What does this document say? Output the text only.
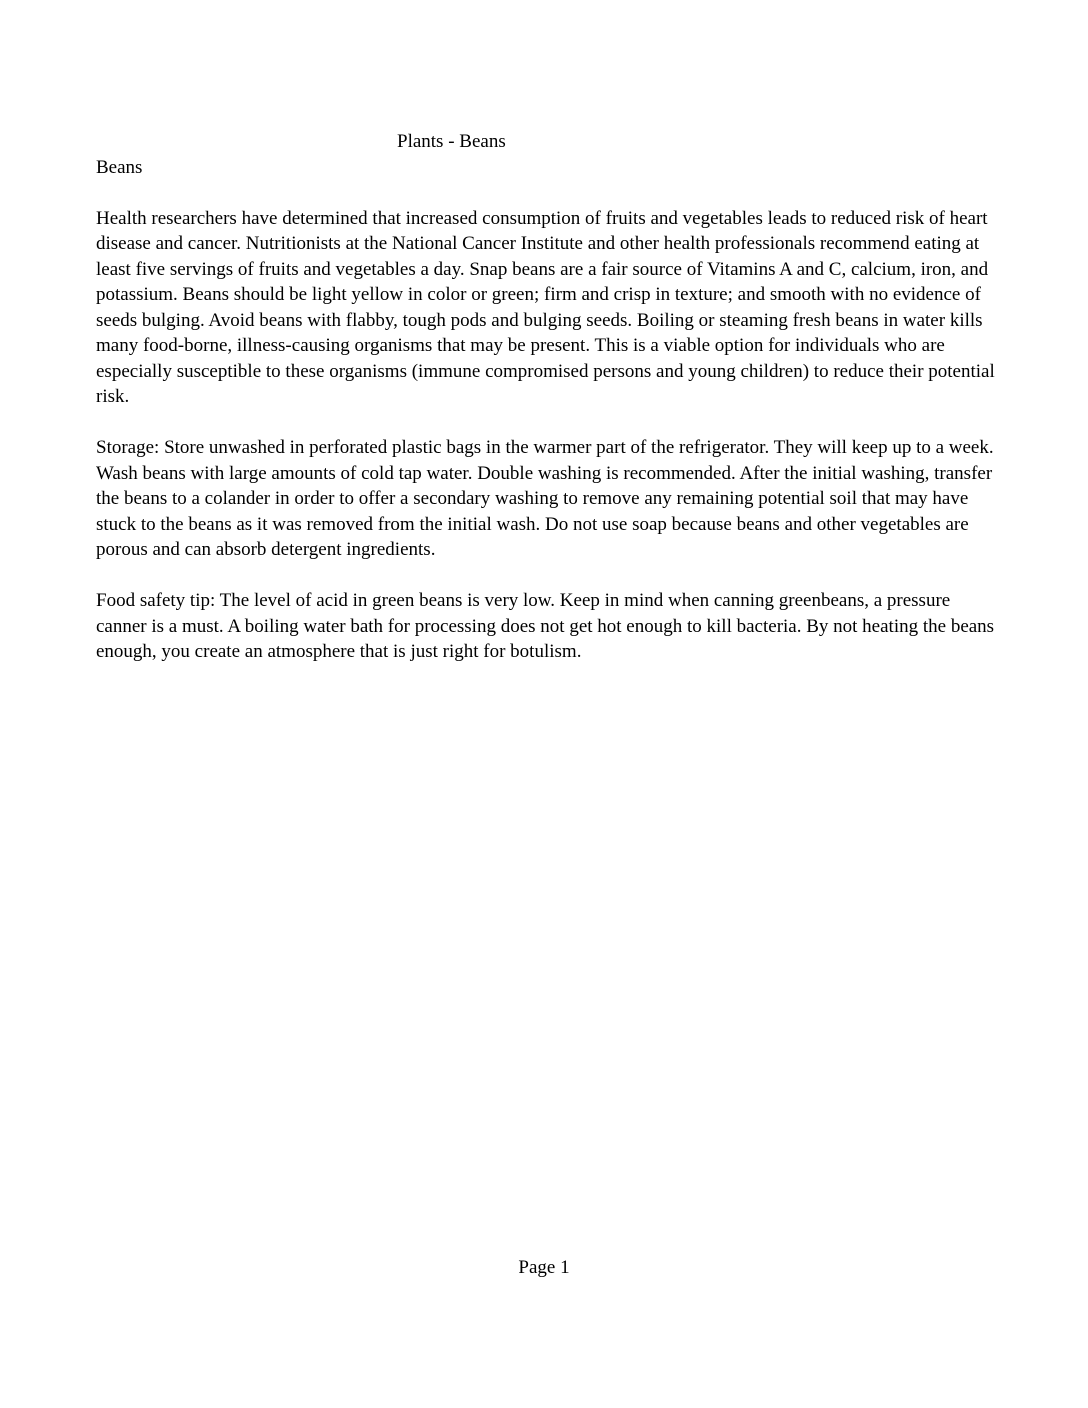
Plants - Beans
Beans

Health researchers have determined that increased consumption of fruits and vegetables leads to reduced risk of heart disease and cancer. Nutritionists at the National Cancer Institute and other health professionals recommend eating at least five servings of fruits and vegetables a day. Snap beans are a fair source of Vitamins A and C, calcium, iron, and potassium. Beans should be light yellow in color or green; firm and crisp in texture; and smooth with no evidence of seeds bulging. Avoid beans with flabby, tough pods and bulging seeds. Boiling or steaming fresh beans in water kills many food-borne, illness-causing organisms that may be present. This is a viable option for individuals who are especially susceptible to these organisms (immune compromised persons and young children) to reduce their potential risk.

Storage: Store unwashed in perforated plastic bags in the warmer part of the refrigerator. They will keep up to a week. Wash beans with large amounts of cold tap water. Double washing is recommended. After the initial washing, transfer the beans to a colander in order to offer a secondary washing to remove any remaining potential soil that may have stuck to the beans as it was removed from the initial wash. Do not use soap because beans and other vegetables are porous and can absorb detergent ingredients.

Food safety tip: The level of acid in green beans is very low. Keep in mind when canning greenbeans, a pressure canner is a must. A boiling water bath for processing does not get hot enough to kill bacteria. By not heating the beans enough, you create an atmosphere that is just right for botulism.

Page 1
